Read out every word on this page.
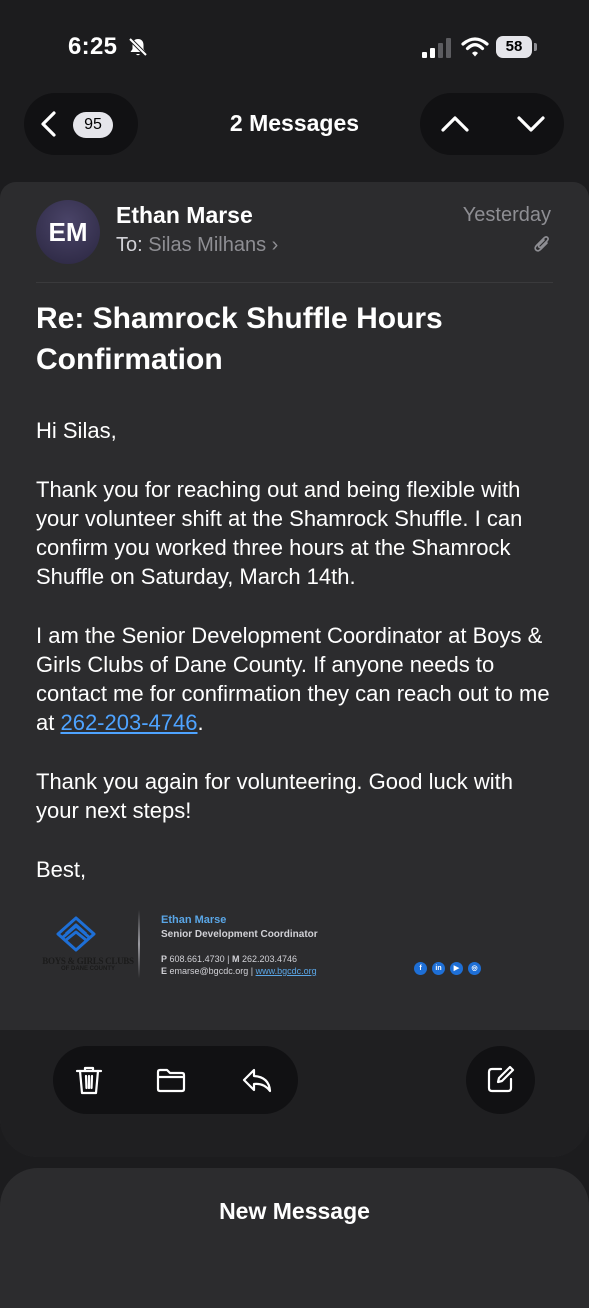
6:25	58
95	2 Messages
EM
Ethan Marse
To: Silas Milhans ›
Yesterday
Re: Shamrock Shuffle Hours Confirmation

Hi Silas,

Thank you for reaching out and being flexible with your volunteer shift at the Shamrock Shuffle. I can confirm you worked three hours at the Shamrock Shuffle on Saturday, March 14th.

I am the Senior Development Coordinator at Boys & Girls Clubs of Dane County. If anyone needs to contact me for confirmation they can reach out to me at 262-203-4746.

Thank you again for volunteering. Good luck with your next steps!

Best,

BOYS & GIRLS CLUBS
OF DANE COUNTY
Ethan Marse
Senior Development Coordinator
P 608.661.4730 | M 262.203.4746
E emarse@bgcdc.org | www.bgcdc.org	f	in	▶	◎
New Message
